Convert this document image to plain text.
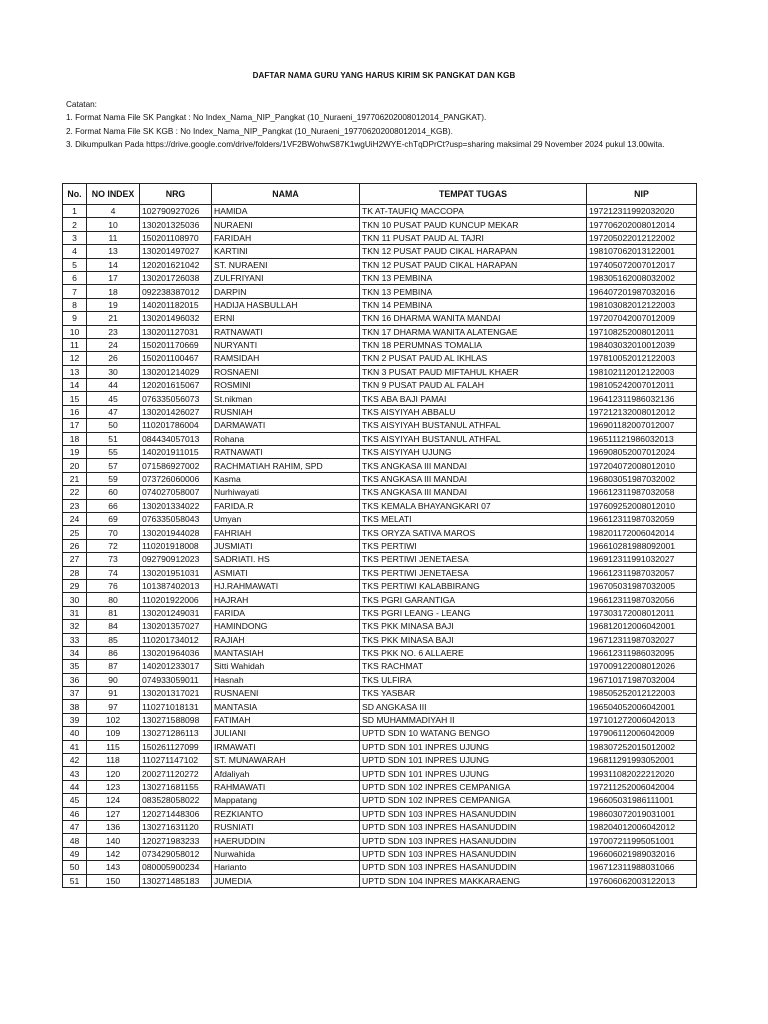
DAFTAR NAMA GURU YANG HARUS KIRIM SK PANGKAT DAN KGB
Catatan:
1. Format Nama File SK Pangkat : No Index_Nama_NIP_Pangkat (10_Nuraeni_197706202008012014_PANGKAT).
2. Format Nama File SK KGB : No Index_Nama_NIP_Pangkat (10_Nuraeni_197706202008012014_KGB).
3. Dikumpulkan Pada https://drive.google.com/drive/folders/1VF2BWohwS87K1wgUiH2WYE-chTqDPrCt?usp=sharing maksimal 29 November 2024 pukul 13.00wita.
No.	NO INDEX	NRG	NAMA	TEMPAT TUGAS	NIP
1	4	102790927026	HAMIDA	TK AT-TAUFIQ MACCOPA	197212311992032020
2	10	130201325036	NURAENI	TKN 10 PUSAT PAUD KUNCUP MEKAR	197706202008012014
3	11	150201108970	FARIDAH	TKN 11 PUSAT PAUD AL TAJRI	197205022012122002
4	13	130201497027	KARTINI	TKN 12 PUSAT PAUD CIKAL HARAPAN	198107062013122001
5	14	120201621042	ST. NURAENI	TKN 12 PUSAT PAUD CIKAL HARAPAN	197405072007012017
6	17	130201726038	ZULFRIYANI	TKN 13 PEMBINA	198305162008032002
7	18	092238387012	DARPIN	TKN 13 PEMBINA	196407201987032016
8	19	140201182015	HADIJA HASBULLAH	TKN 14 PEMBINA	198103082012122003
9	21	130201496032	ERNI	TKN 16 DHARMA WANITA MANDAI	197207042007012009
10	23	130201127031	RATNAWATI	TKN 17 DHARMA WANITA ALATENGAE	197108252008012011
11	24	150201170669	NURYANTI	TKN 18 PERUMNAS TOMALIA	198403032010012039
12	26	150201100467	RAMSIDAH	TKN 2 PUSAT PAUD AL IKHLAS	197810052012122003
13	30	130201214029	ROSNAENI	TKN 3 PUSAT PAUD MIFTAHUL KHAER	198102112012122003
14	44	120201615067	ROSMINI	TKN 9 PUSAT PAUD AL FALAH	198105242007012011
15	45	076335056073	St.nikman	TKS ABA BAJI PAMAI	196412311986032136
16	47	130201426027	RUSNIAH	TKS AISYIYAH ABBALU	197212132008012012
17	50	110201786004	DARMAWATI	TKS AISYIYAH BUSTANUL ATHFAL	196901182007012007
18	51	084434057013	Rohana	TKS AISYIYAH BUSTANUL ATHFAL	196511121986032013
19	55	140201911015	RATNAWATI	TKS AISYIYAH UJUNG	196908052007012024
20	57	071586927002	RACHMATIAH RAHIM, SPD	TKS ANGKASA III MANDAI	197204072008012010
21	59	073726060006	Kasma	TKS ANGKASA III MANDAI	196803051987032002
22	60	074027058007	Nurhiwayati	TKS ANGKASA III MANDAI	196612311987032058
23	66	130201334022	FARIDA.R	TKS KEMALA BHAYANGKARI 07	197609252008012010
24	69	076335058043	Umyan	TKS MELATI	196612311987032059
25	70	130201944028	FAHRIAH	TKS ORYZA SATIVA MAROS	198201172006042014
26	72	110201918008	JUSMIATI	TKS PERTIWI	196610281988092001
27	73	092790912023	SADRIATI. HS	TKS PERTIWI JENETAESA	196912311991032027
28	74	130201951031	ASMIATI	TKS PERTIWI JENETAESA	196612311987032057
29	76	101387402013	HJ.RAHMAWATI	TKS PERTIWI KALABBIRANG	196705031987032005
30	80	110201922006	HAJRAH	TKS PGRI GARANTIGA	196612311987032056
31	81	130201249031	FARIDA	TKS PGRI LEANG - LEANG	197303172008012011
32	84	130201357027	HAMINDONG	TKS PKK MINASA BAJI	196812012006042001
33	85	110201734012	RAJIAH	TKS PKK MINASA BAJI	196712311987032027
34	86	130201964036	MANTASIAH	TKS PKK NO. 6 ALLAERE	196612311986032095
35	87	140201233017	Sitti Wahidah	TKS RACHMAT	197009122008012026
36	90	074933059011	Hasnah	TKS ULFIRA	196710171987032004
37	91	130201317021	RUSNAENI	TKS YASBAR	198505252012122003
38	97	110271018131	MANTASIA	SD ANGKASA III	196504052006042001
39	102	130271588098	FATIMAH	SD MUHAMMADIYAH II	197101272006042013
40	109	130271286113	JULIANI	UPTD SDN 10 WATANG BENGO	197906112006042009
41	115	150261127099	IRMAWATI	UPTD SDN 101 INPRES UJUNG	198307252015012002
42	118	110271147102	ST. MUNAWARAH	UPTD SDN 101 INPRES UJUNG	196811291993052001
43	120	200271120272	Afdaliyah	UPTD SDN 101 INPRES UJUNG	199311082022212020
44	123	130271681155	RAHMAWATI	UPTD SDN 102 INPRES CEMPANIGA	197211252006042004
45	124	083528058022	Mappatang	UPTD SDN 102 INPRES CEMPANIGA	196605031986111001
46	127	120271448306	REZKIANTO	UPTD SDN 103 INPRES HASANUDDIN	198603072019031001
47	136	130271631120	RUSNIATI	UPTD SDN 103 INPRES HASANUDDIN	198204012006042012
48	140	120271983233	HAERUDDIN	UPTD SDN 103 INPRES HASANUDDIN	197007211995051001
49	142	073429058012	Nurwahida	UPTD SDN 103 INPRES HASANUDDIN	196606021989032016
50	143	080005900234	Harianto	UPTD SDN 103 INPRES HASANUDDIN	196712311988031066
51	150	130271485183	JUMEDIA	UPTD SDN 104 INPRES MAKKARAENG	197606062003122013
